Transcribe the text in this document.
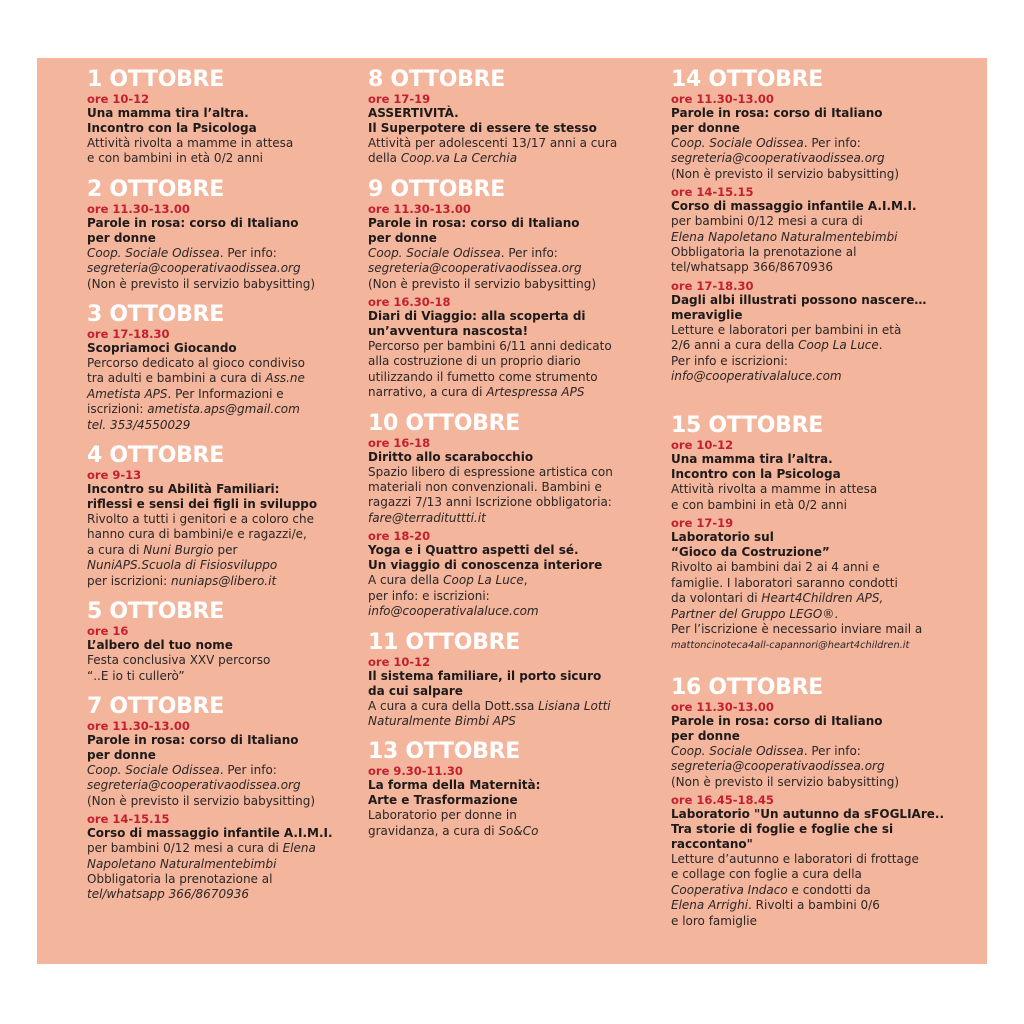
1 OTTOBRE
ore 10-12
Una mamma tira l’altra.
Incontro con la Psicologa
Attività rivolta a mamme in attesa
e con bambini in età 0/2 anni
2 OTTOBRE
ore 11.30-13.00
Parole in rosa: corso di Italiano
per donne
Coop. Sociale Odissea. Per info:
segreteria@cooperativaodissea.org
(Non è previsto il servizio babysitting)
3 OTTOBRE
ore 17-18.30
Scopriamoci Giocando
Percorso dedicato al gioco condiviso
tra adulti e bambini a cura di Ass.ne
Ametista APS. Per Informazioni e
iscrizioni: ametista.aps@gmail.com
tel. 353/4550029
4 OTTOBRE
ore 9-13
Incontro su Abilità Familiari:
riflessi e sensi dei figli in sviluppo
Rivolto a tutti i genitori e a coloro che
hanno cura di bambini/e e ragazzi/e,
a cura di Nuni Burgio per
NuniAPS.Scuola di Fisiosviluppo
per iscrizioni: nuniaps@libero.it
5 OTTOBRE
ore 16
L’albero del tuo nome
Festa conclusiva XXV percorso
“..E io ti cullerò”
7 OTTOBRE
ore 11.30-13.00
Parole in rosa: corso di Italiano
per donne
Coop. Sociale Odissea. Per info:
segreteria@cooperativaodissea.org
(Non è previsto il servizio babysitting)
ore 14-15.15
Corso di massaggio infantile A.I.M.I.
per bambini 0/12 mesi a cura di Elena
Napoletano Naturalmentebimbi
Obbligatoria la prenotazione al
tel/whatsapp 366/8670936
8 OTTOBRE
ore 17-19
ASSERTIVITÀ.
Il Superpotere di essere te stesso
Attività per adolescenti 13/17 anni a cura
della Coop.va La Cerchia
9 OTTOBRE
ore 11.30-13.00
Parole in rosa: corso di Italiano
per donne
Coop. Sociale Odissea. Per info:
segreteria@cooperativaodissea.org
(Non è previsto il servizio babysitting)
ore 16.30-18
Diari di Viaggio: alla scoperta di
un’avventura nascosta!
Percorso per bambini 6/11 anni dedicato
alla costruzione di un proprio diario
utilizzando il fumetto come strumento
narrativo, a cura di Artespressa APS
10 OTTOBRE
ore 16-18
Diritto allo scarabocchio
Spazio libero di espressione artistica con
materiali non convenzionali. Bambini e
ragazzi 7/13 anni Iscrizione obbligatoria:
fare@terradituttti.it
ore 18-20
Yoga e i Quattro aspetti del sé.
Un viaggio di conoscenza interiore
A cura della Coop La Luce,
per info: e iscrizioni:
info@cooperativalaluce.com
11 OTTOBRE
ore 10-12
Il sistema familiare, il porto sicuro
da cui salpare
A cura a cura della Dott.ssa Lisiana Lotti
Naturalmente Bimbi APS
13 OTTOBRE
ore 9.30-11.30
La forma della Maternità:
Arte e Trasformazione
Laboratorio per donne in
gravidanza, a cura di So&Co
14 OTTOBRE
ore 11.30-13.00
Parole in rosa: corso di Italiano
per donne
Coop. Sociale Odissea. Per info:
segreteria@cooperativaodissea.org
(Non è previsto il servizio babysitting)
ore 14-15.15
Corso di massaggio infantile A.I.M.I.
per bambini 0/12 mesi a cura di
Elena Napoletano Naturalmentebimbi
Obbligatoria la prenotazione al
tel/whatsapp 366/8670936
ore 17-18.30
Dagli albi illustrati possono nascere…
meraviglie
Letture e laboratori per bambini in età
2/6 anni a cura della Coop La Luce.
Per info e iscrizioni:
info@cooperativalaluce.com
15 OTTOBRE
ore 10-12
Una mamma tira l’altra.
Incontro con la Psicologa
Attività rivolta a mamme in attesa
e con bambini in età 0/2 anni
ore 17-19
Laboratorio sul
“Gioco da Costruzione”
Rivolto ai bambini dai 2 ai 4 anni e
famiglie. I laboratori saranno condotti
da volontari di Heart4Children APS,
Partner del Gruppo LEGO®.
Per l’iscrizione è necessario inviare mail a
mattoncinoteca4all-capannori@heart4children.it
16 OTTOBRE
ore 11.30-13.00
Parole in rosa: corso di Italiano
per donne
Coop. Sociale Odissea. Per info:
segreteria@cooperativaodissea.org
(Non è previsto il servizio babysitting)
ore 16.45-18.45
Laboratorio "Un autunno da sFOGLIAre..
Tra storie di foglie e foglie che si
raccontano"
Letture d’autunno e laboratori di frottage
e collage con foglie a cura della
Cooperativa Indaco e condotti da
Elena Arrighi. Rivolti a bambini 0/6
e loro famiglie
